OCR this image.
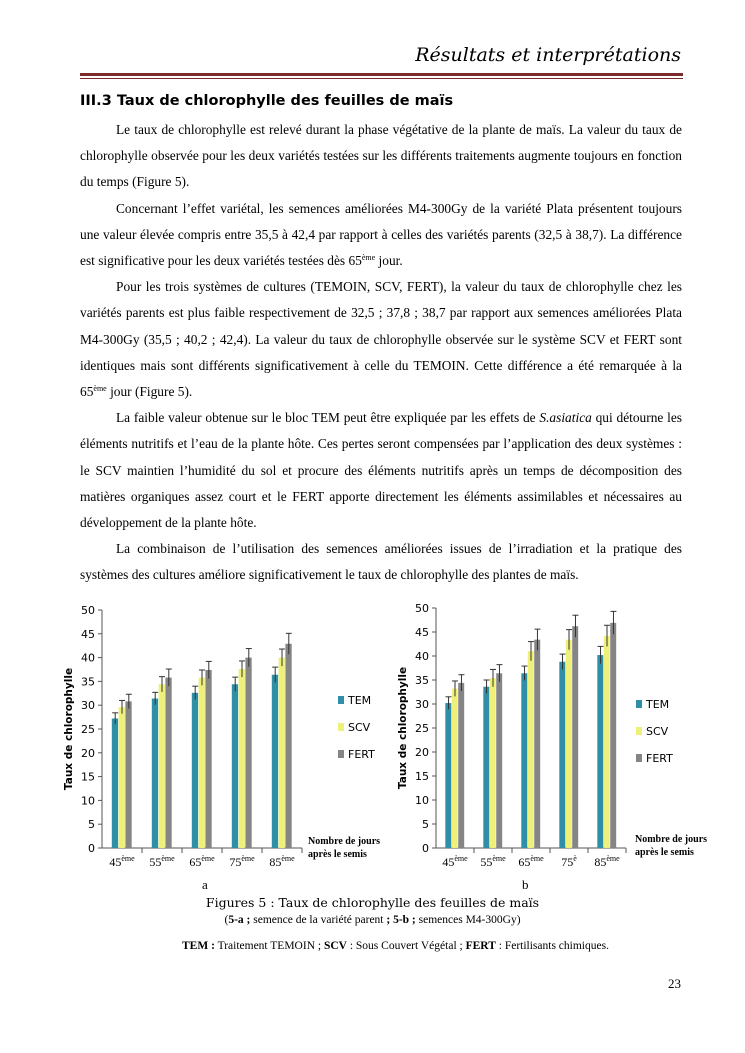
Résultats et interprétations
III.3 Taux de chlorophylle des feuilles de maïs

Le taux de chlorophylle est relevé durant la phase végétative de la plante de maïs. La valeur du taux de chlorophylle observée pour les deux variétés testées sur les différents traitements augmente toujours en fonction du temps (Figure 5).

Concernant l’effet variétal, les semences améliorées M4-300Gy de la variété Plata présentent toujours une valeur élevée compris entre 35,5 à 42,4 par rapport à celles des variétés parents (32,5 à 38,7). La différence est significative pour les deux variétés testées dès 65ème jour.

Pour les trois systèmes de cultures (TEMOIN, SCV, FERT), la valeur du taux de chlorophylle chez les variétés parents est plus faible respectivement de 32,5 ; 37,8 ; 38,7 par rapport aux semences améliorées Plata M4-300Gy (35,5 ; 40,2 ; 42,4). La valeur du taux de chlorophylle observée sur le système SCV et FERT sont identiques mais sont différents significativement à celle du TEMOIN. Cette différence a été remarquée à la 65ème jour (Figure 5).

La faible valeur obtenue sur le bloc TEM peut être expliquée par les effets de S.asiatica qui détourne les éléments nutritifs et l’eau de la plante hôte. Ces pertes seront compensées par l’application des deux systèmes : le SCV maintien l’humidité du sol et procure des éléments nutritifs après un temps de décomposition des matières organiques assez court et le FERT apporte directement les éléments assimilables et nécessaires au développement de la plante hôte.

La combinaison de l’utilisation des semences améliorées issues de l’irradiation et la pratique des systèmes des cultures améliore significativement le taux de chlorophylle des plantes de maïs.

Taux de chlorophylle
0
5
10
15
20
25
30
35
40
45
50
45ème 55ème 65ème 75ème 85ème
TEM
SCV
FERT
Nombre de jours
après le semis
Taux de chlorophylle
0
5
10
15
20
25
30
35
40
45
50
45ème 55ème 65ème $75^è$ 85ème
TEM
SCV
FERT
Nombre de jours
après le semis
a	b
Figures 5 : Taux de chlorophylle des feuilles de maïs
(5-a ; semence de la variété parent ; 5-b ; semences M4-300Gy)
TEM : Traitement TEMOIN ; SCV : Sous Couvert Végétal ; FERT : Fertilisants chimiques.
23
